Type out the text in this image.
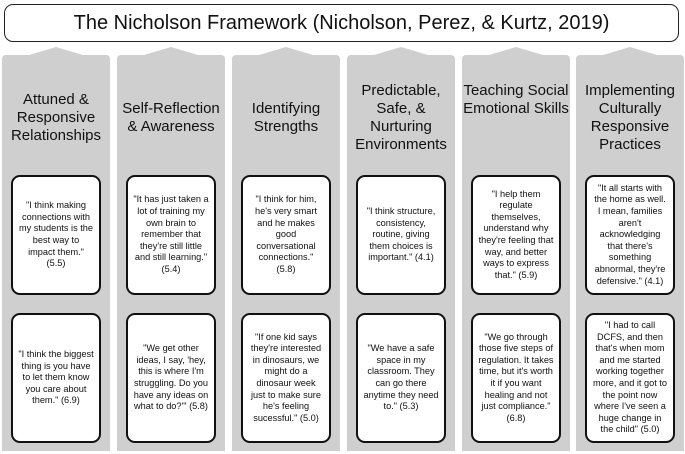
The Nicholson Framework (Nicholson, Perez, & Kurtz, 2019)
Attuned & Responsive Relationships
"I think making connections with my students is the best way to impact them." (5.5)
"I think the biggest thing is you have to let them know you care about them." (6.9)
Self-Reflection & Awareness
"It has just taken a lot of training my own brain to remember that they're still little and still learning." (5.4)
"We get other ideas, I say, 'hey, this is where I'm struggling. Do you have any ideas on what to do?'" (5.8)
Identifying Strengths
"I think for him, he's very smart and he makes good conversational connections." (5.8)
"If one kid says they're interested in dinosaurs, we might do a dinosaur week just to make sure he's feeling sucessful." (5.0)
Predictable, Safe, & Nurturing Environments
"I think structure, consistency, routine, giving them choices is important." (4.1)
"We have a safe space in my classroom. They can go there anytime they need to." (5.3)
Teaching Social Emotional Skills
"I help them regulate themselves, understand why they're feeling that way, and better ways to express that." (5.9)
"We go through those five steps of regulation. It takes time, but it's worth it if you want healing and not just compliance." (6.8)
Implementing Culturally Responsive Practices
"It all starts with the home as well. I mean, families aren't acknowledging that there's something abnormal, they're defensive." (4.1)
"I had to call DCFS, and then that's when mom and me started working together more, and it got to the point now where I've seen a huge change in the child" (5.0)
